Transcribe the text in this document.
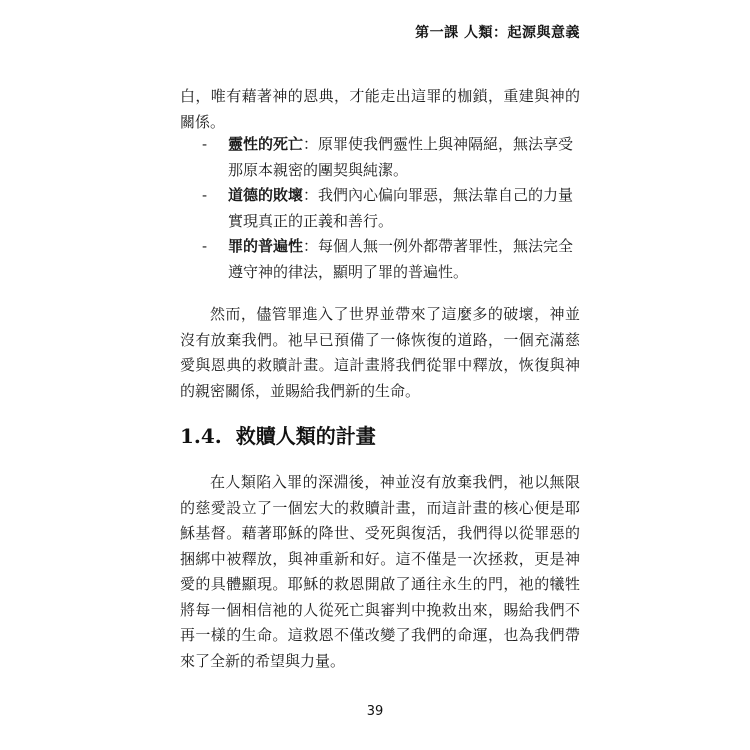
第一課 人類：起源與意義

白，唯有藉著神的恩典，才能走出這罪的枷鎖，重建與神的關係。

- 靈性的死亡：原罪使我們靈性上與神隔絕，無法享受那原本親密的團契與純潔。
- 道德的敗壞：我們內心偏向罪惡，無法靠自己的力量實現真正的正義和善行。
- 罪的普遍性：每個人無一例外都帶著罪性，無法完全遵守神的律法，顯明了罪的普遍性。

然而，儘管罪進入了世界並帶來了這麼多的破壞，神並沒有放棄我們。祂早已預備了一條恢復的道路，一個充滿慈愛與恩典的救贖計畫。這計畫將我們從罪中釋放，恢復與神的親密關係，並賜給我們新的生命。

1.4. 救贖人類的計畫

在人類陷入罪的深淵後，神並沒有放棄我們，祂以無限的慈愛設立了一個宏大的救贖計畫，而這計畫的核心便是耶穌基督。藉著耶穌的降世、受死與復活，我們得以從罪惡的捆綁中被釋放，與神重新和好。這不僅是一次拯救，更是神愛的具體顯現。耶穌的救恩開啟了通往永生的門，祂的犧牲將每一個相信祂的人從死亡與審判中挽救出來，賜給我們不再一樣的生命。這救恩不僅改變了我們的命運，也為我們帶來了全新的希望與力量。

39
